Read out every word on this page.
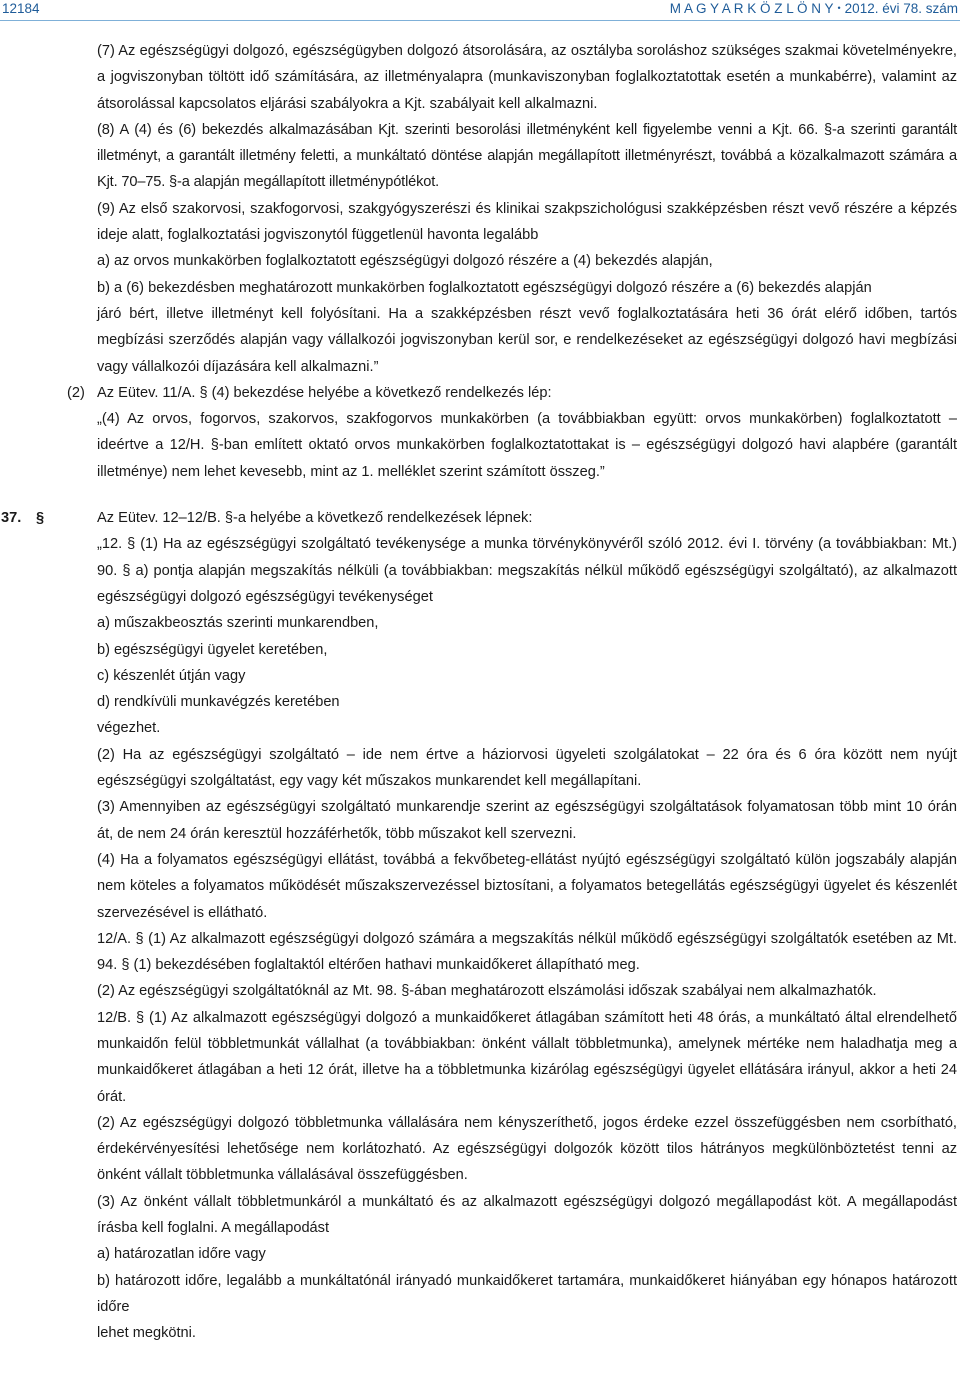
12184	M A G Y A R K Ö Z L Ö N Y • 2012. évi 78. szám

(7) Az egészségügyi dolgozó, egészségügyben dolgozó átsorolására, az osztályba soroláshoz szükséges szakmai követelményekre, a jogviszonyban töltött idő számítására, az illetményalapra (munkaviszonyban foglalkoztatottak esetén a munkabérre), valamint az átsorolással kapcsolatos eljárási szabályokra a Kjt. szabályait kell alkalmazni.

(8) A (4) és (6) bekezdés alkalmazásában Kjt. szerinti besorolási illetményként kell figyelembe venni a Kjt. 66. §-a szerinti garantált illetményt, a garantált illetmény feletti, a munkáltató döntése alapján megállapított illetményrészt, továbbá a közalkalmazott számára a Kjt. 70–75. §-a alapján megállapított illetménypótlékot.

(9) Az első szakorvosi, szakfogorvosi, szakgyógyszerészi és klinikai szakpszichológusi szakképzésben részt vevő részére a képzés ideje alatt, foglalkoztatási jogviszonytól függetlenül havonta legalább

a) az orvos munkakörben foglalkoztatott egészségügyi dolgozó részére a (4) bekezdés alapján,

b) a (6) bekezdésben meghatározott munkakörben foglalkoztatott egészségügyi dolgozó részére a (6) bekezdés alapján

járó bért, illetve illetményt kell folyósítani. Ha a szakképzésben részt vevő foglalkoztatására heti 36 órát elérő időben, tartós megbízási szerződés alapján vagy vállalkozói jogviszonyban kerül sor, e rendelkezéseket az egészségügyi dolgozó havi megbízási vagy vállalkozói díjazására kell alkalmazni.”

(2) Az Eütev. 11/A. § (4) bekezdése helyébe a következő rendelkezés lép:

„(4) Az orvos, fogorvos, szakorvos, szakfogorvos munkakörben (a továbbiakban együtt: orvos munkakörben) foglalkoztatott – ideértve a 12/H. §-ban említett oktató orvos munkakörben foglalkoztatottakat is – egészségügyi dolgozó havi alapbére (garantált illetménye) nem lehet kevesebb, mint az 1. melléklet szerint számított összeg.”

37. §	Az Eütev. 12–12/B. §-a helyébe a következő rendelkezések lépnek:

„12. § (1) Ha az egészségügyi szolgáltató tevékenysége a munka törvénykönyvéről szóló 2012. évi I. törvény (a továbbiakban: Mt.) 90. § a) pontja alapján megszakítás nélküli (a továbbiakban: megszakítás nélkül működő egészségügyi szolgáltató), az alkalmazott egészségügyi dolgozó egészségügyi tevékenységet

a) műszakbeosztás szerinti munkarendben,

b) egészségügyi ügyelet keretében,

c) készenlét útján vagy

d) rendkívüli munkavégzés keretében

végezhet.

(2) Ha az egészségügyi szolgáltató – ide nem értve a háziorvosi ügyeleti szolgálatokat – 22 óra és 6 óra között nem nyújt egészségügyi szolgáltatást, egy vagy két műszakos munkarendet kell megállapítani.

(3) Amennyiben az egészségügyi szolgáltató munkarendje szerint az egészségügyi szolgáltatások folyamatosan több mint 10 órán át, de nem 24 órán keresztül hozzáférhetők, több műszakot kell szervezni.

(4) Ha a folyamatos egészségügyi ellátást, továbbá a fekvőbeteg-ellátást nyújtó egészségügyi szolgáltató külön jogszabály alapján nem köteles a folyamatos működését műszakszervezéssel biztosítani, a folyamatos betegellátás egészségügyi ügyelet és készenlét szervezésével is ellátható.

12/A. § (1) Az alkalmazott egészségügyi dolgozó számára a megszakítás nélkül működő egészségügyi szolgáltatók esetében az Mt. 94. § (1) bekezdésében foglaltaktól eltérően hathavi munkaidőkeret állapítható meg.

(2) Az egészségügyi szolgáltatóknál az Mt. 98. §-ában meghatározott elszámolási időszak szabályai nem alkalmazhatók.

12/B. § (1) Az alkalmazott egészségügyi dolgozó a munkaidőkeret átlagában számított heti 48 órás, a munkáltató által elrendelhető munkaidőn felül többletmunkát vállalhat (a továbbiakban: önként vállalt többletmunka), amelynek mértéke nem haladhatja meg a munkaidőkeret átlagában a heti 12 órát, illetve ha a többletmunka kizárólag egészségügyi ügyelet ellátására irányul, akkor a heti 24 órát.

(2) Az egészségügyi dolgozó többletmunka vállalására nem kényszeríthető, jogos érdeke ezzel összefüggésben nem csorbítható, érdekérvényesítési lehetősége nem korlátozható. Az egészségügyi dolgozók között tilos hátrányos megkülönböztetést tenni az önként vállalt többletmunka vállalásával összefüggésben.

(3) Az önként vállalt többletmunkáról a munkáltató és az alkalmazott egészségügyi dolgozó megállapodást köt. A megállapodást írásba kell foglalni. A megállapodást

a) határozatlan időre vagy

b) határozott időre, legalább a munkáltatónál irányadó munkaidőkeret tartamára, munkaidőkeret hiányában egy hónapos határozott időre

lehet megkötni.
